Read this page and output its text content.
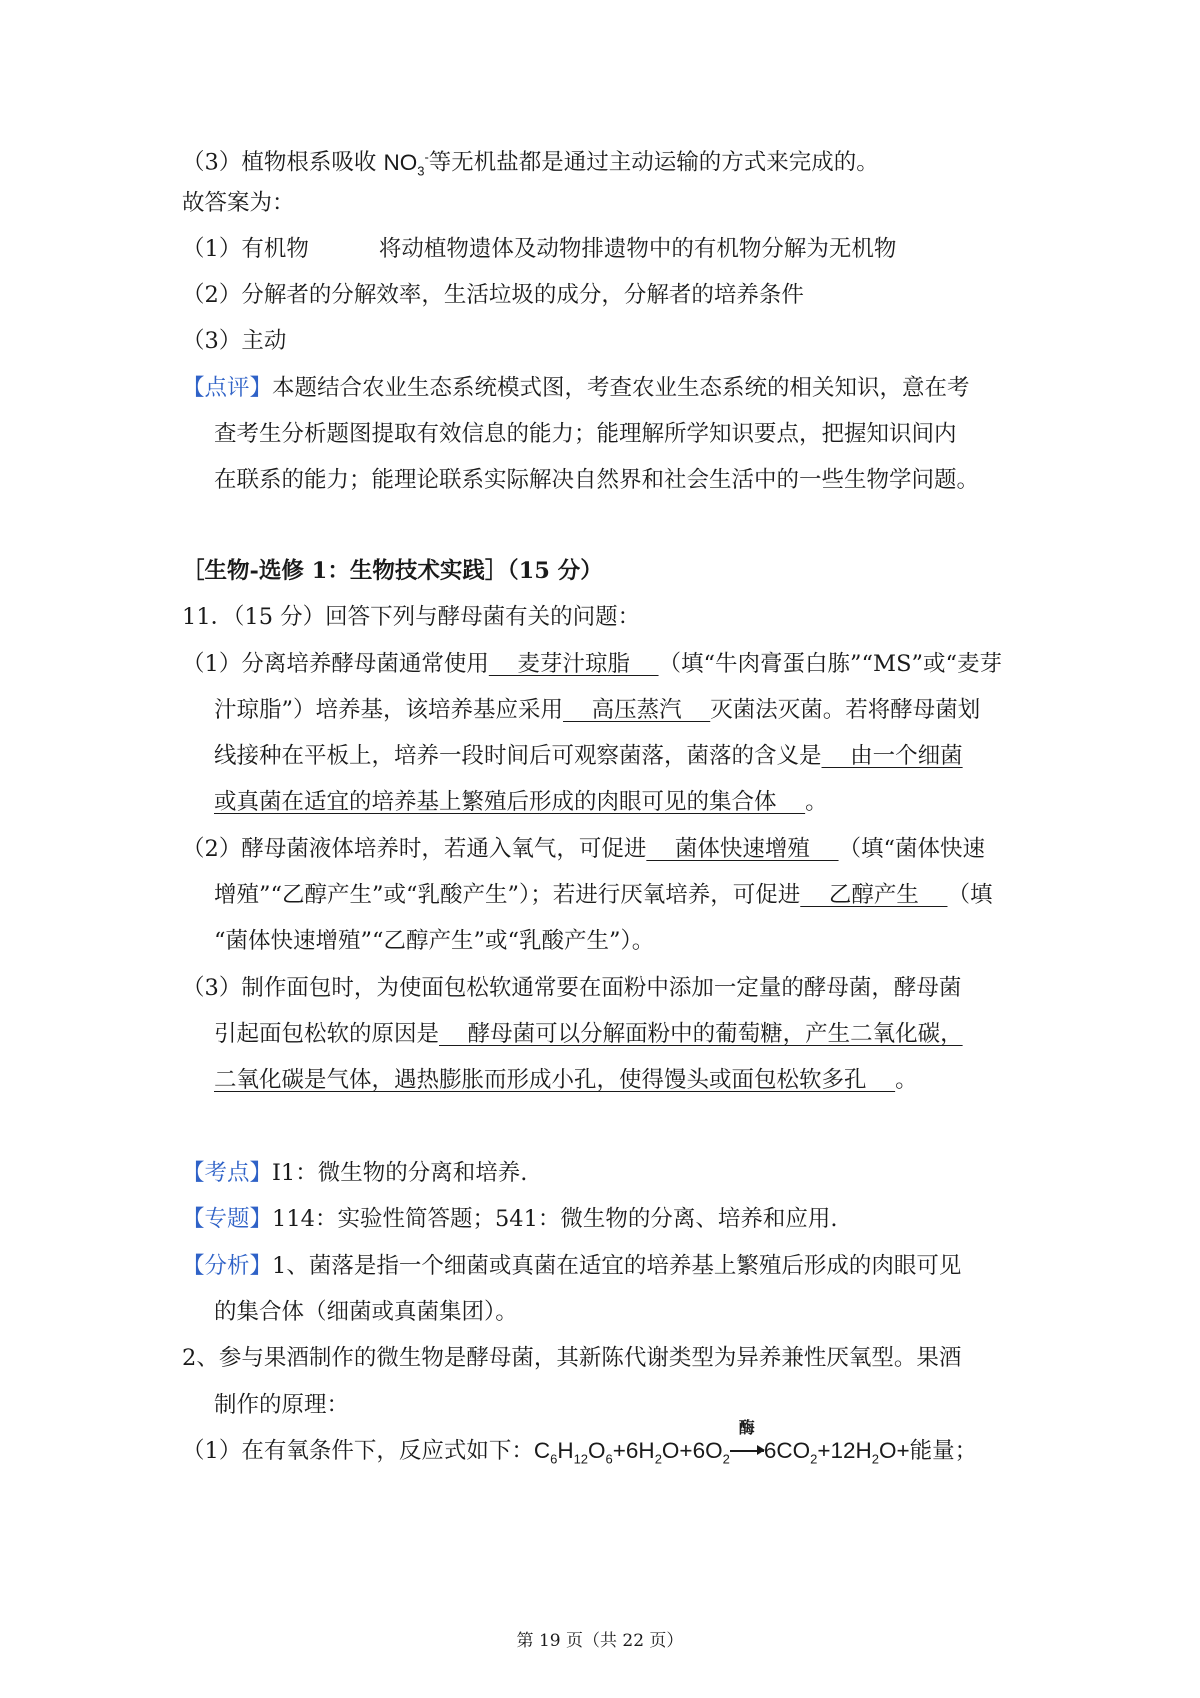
（3）植物根系吸收 $NO_3^-$等无机盐都是通过主动运输的方式来完成的。
故答案为：
（1）有机物	将动植物遗体及动物排遗物中的有机物分解为无机物
（2）分解者的分解效率，生活垃圾的成分，分解者的培养条件
（3）主动
【点评】本题结合农业生态系统模式图，考查农业生态系统的相关知识，意在考
查考生分析题图提取有效信息的能力；能理解所学知识要点，把握知识间内
在联系的能力；能理论联系实际解决自然界和社会生活中的一些生物学问题。
［生物-选修 1：生物技术实践］（15 分）
11．（15 分）回答下列与酵母菌有关的问题：
（1）分离培养酵母菌通常使用    麦芽汁琼脂    （填“牛肉膏蛋白胨”“MS”或“麦芽
汁琼脂”）培养基，该培养基应采用    高压蒸汽    灭菌法灭菌。若将酵母菌划
线接种在平板上，培养一段时间后可观察菌落，菌落的含义是    由一个细菌
或真菌在适宜的培养基上繁殖后形成的肉眼可见的集合体    。
（2）酵母菌液体培养时，若通入氧气，可促进    菌体快速增殖    （填“菌体快速
增殖”“乙醇产生”或“乳酸产生”）；若进行厌氧培养，可促进    乙醇产生    （填
“菌体快速增殖”“乙醇产生”或“乳酸产生”）。
（3）制作面包时，为使面包松软通常要在面粉中添加一定量的酵母菌，酵母菌
引起面包松软的原因是    酵母菌可以分解面粉中的葡萄糖，产生二氧化碳，
二氧化碳是气体，遇热膨胀而形成小孔，使得馒头或面包松软多孔    。
【考点】I1：微生物的分离和培养.
【专题】114：实验性简答题；541：微生物的分离、培养和应用.
【分析】1、菌落是指一个细菌或真菌在适宜的培养基上繁殖后形成的肉眼可见
的集合体（细菌或真菌集团）。
2、参与果酒制作的微生物是酵母菌，其新陈代谢类型为异养兼性厌氧型。果酒
制作的原理：
（1）在有氧条件下，反应式如下：$C_6H_{12}O_6+6H_2O+6O_2$
酶
$6CO_2+12H_2O+$能量；
第 19 页（共 22 页）
